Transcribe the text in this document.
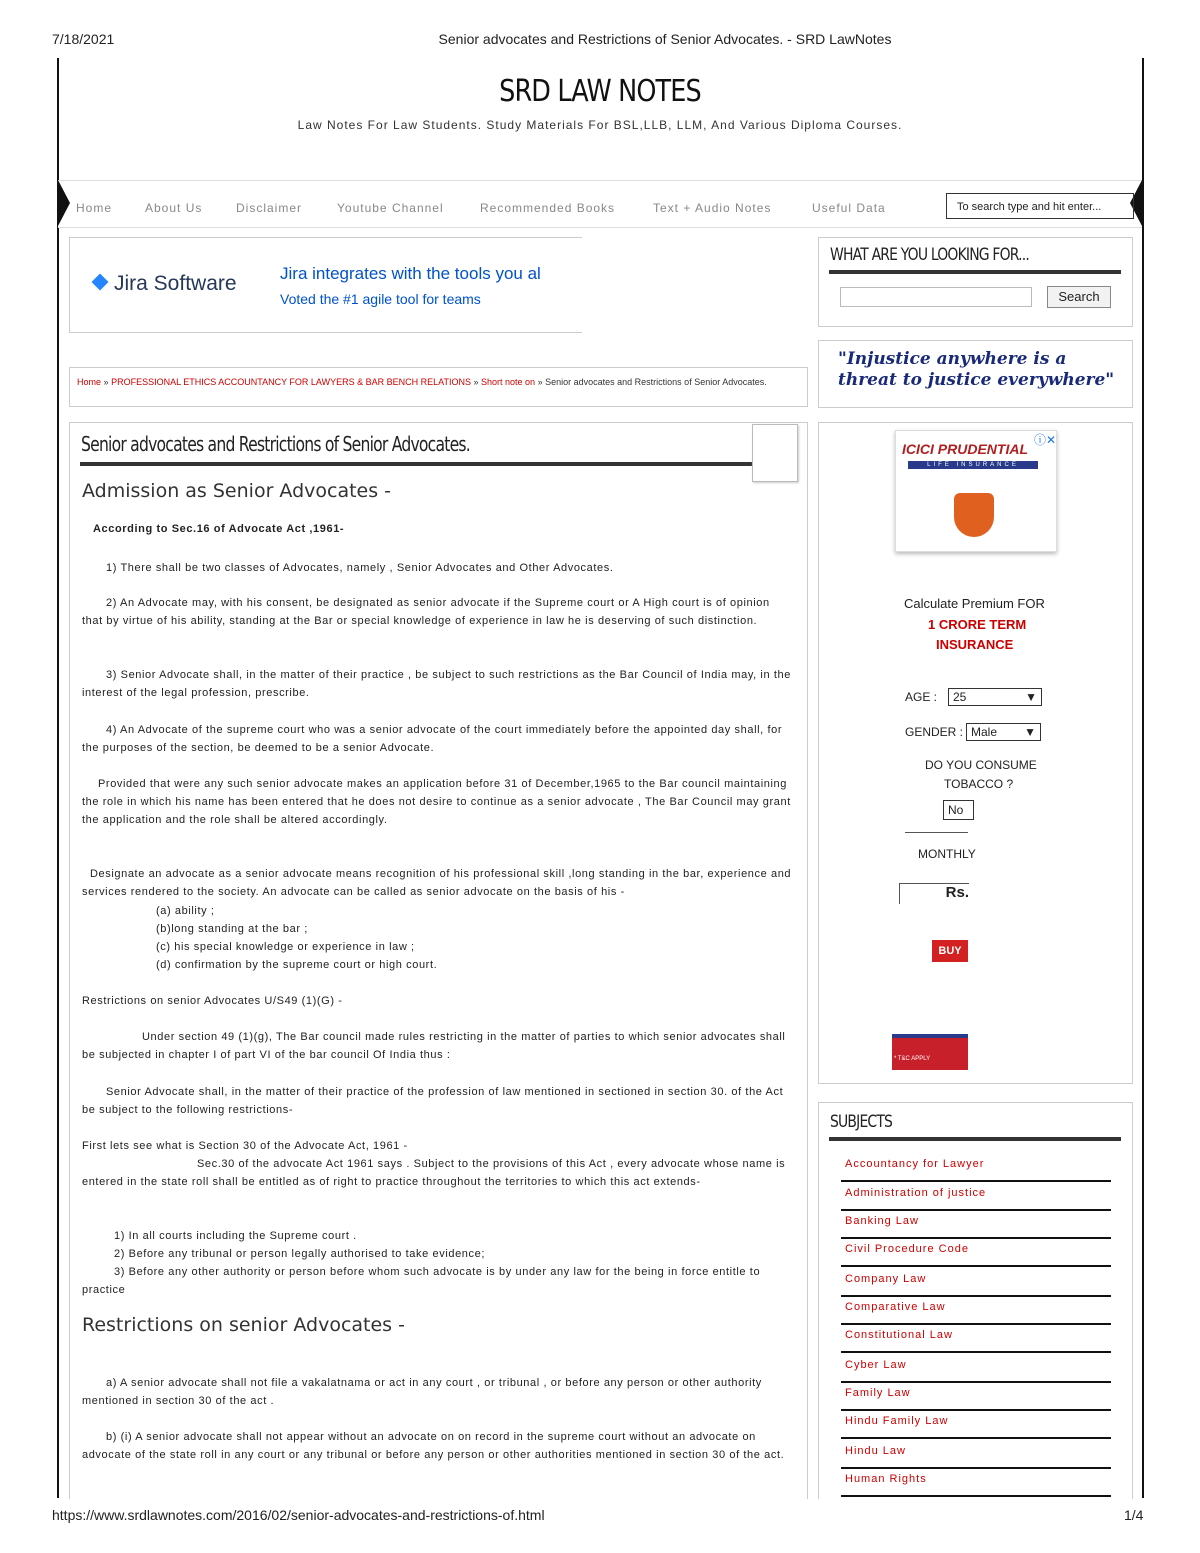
7/18/2021	Senior advocates and Restrictions of Senior Advocates. - SRD LawNotes
SRD LAW NOTES
Law Notes For Law Students. Study Materials For BSL,LLB, LLM, And Various Diploma Courses.
Home	About Us	Disclaimer	Youtube Channel	Recommended Books	Text + Audio Notes	Useful Data	To search type and hit enter...
Jira Software	Jira integrates with the tools you al
Voted the #1 agile tool for teams
Home » PROFESSIONAL ETHICS ACCOUNTANCY FOR LAWYERS & BAR BENCH RELATIONS » Short note on » Senior advocates and Restrictions of Senior Advocates.
Senior advocates and Restrictions of Senior Advocates.
Admission as Senior Advocates -
According to Sec.16 of Advocate Act ,1961-
1) There shall be two classes of Advocates, namely , Senior Advocates and Other Advocates.
2) An Advocate may, with his consent, be designated as senior advocate if the Supreme court or A High court is of opinion that by virtue of his ability, standing at the Bar or special knowledge of experience in law he is deserving of such distinction.
3) Senior Advocate shall, in the matter of their practice , be subject to such restrictions as the Bar Council of India may, in the interest of the legal profession, prescribe.
4) An Advocate of the supreme court who was a senior advocate of the court immediately before the appointed day shall, for the purposes of the section, be deemed to be a senior Advocate.
Provided that were any such senior advocate makes an application before 31 of December,1965 to the Bar council maintaining the role in which his name has been entered that he does not desire to continue as a senior advocate , The Bar Council may grant the application and the role shall be altered accordingly.
Designate an advocate as a senior advocate means recognition of his professional skill ,long standing in the bar, experience and services rendered to the society. An advocate can be called as senior advocate on the basis of his -
(a) ability ;
(b)long standing at the bar ;
(c) his special knowledge or experience in law ;
(d) confirmation by the supreme court or high court.
Restrictions on senior Advocates U/S49 (1)(G) -
Under section 49 (1)(g), The Bar council made rules restricting in the matter of parties to which senior advocates shall be subjected in chapter I of part VI of the bar council Of India thus :
Senior Advocate shall, in the matter of their practice of the profession of law mentioned in sectioned in section 30. of the Act be subject to the following restrictions-
First lets see what is Section 30 of the Advocate Act, 1961 -
Sec.30 of the advocate Act 1961 says . Subject to the provisions of this Act , every advocate whose name is entered in the state roll shall be entitled as of right to practice throughout the territories to which this act extends-
1) In all courts including the Supreme court .
2) Before any tribunal or person legally authorised to take evidence;
3) Before any other authority or person before whom such advocate is by under any law for the being in force entitle to practice
Restrictions on senior Advocates -
a) A senior advocate shall not file a vakalatnama or act in any court , or tribunal , or before any person or other authority mentioned in section 30 of the act .
b) (i) A senior advocate shall not appear without an advocate on on record in the supreme court without an advocate on advocate of the state roll in any court or any tribunal or before any person or other authorities mentioned in section 30 of the act.
WHAT ARE YOU LOOKING FOR...
Search
"Injustice anywhere is a threat to justice everywhere"
ICICI PRUDENTIAL
LIFE INSURANCE
ⓘ✕
Calculate Premium FOR
1 CRORE TERM
INSURANCE
AGE :	25	▼
GENDER : Male ▼
DO YOU CONSUME
TOBACCO ?
No
MONTHLY
Rs.
BUY
* T&C APPLY
SUBJECTS
Accountancy for Lawyer
Administration of justice
Banking Law
Civil Procedure Code
Company Law
Comparative Law
Constitutional Law
Cyber Law
Family Law
Hindu Family Law
Hindu Law
Human Rights
https://www.srdlawnotes.com/2016/02/senior-advocates-and-restrictions-of.html	1/4
